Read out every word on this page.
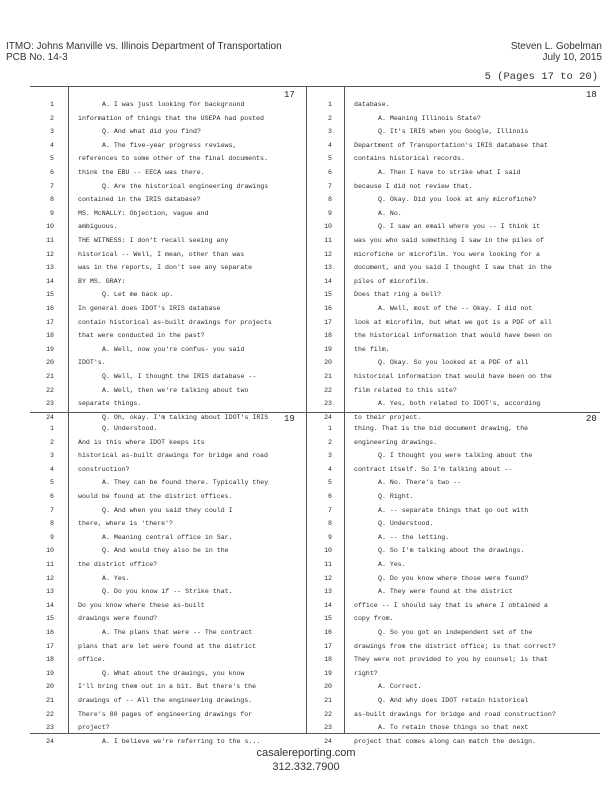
ITMO: Johns Manville vs. Illinois Department of Transportation
PCB No. 14-3
Steven L. Gobelman
July 10, 2015
5 (Pages 17 to 20)
17
1	A. I was just looking for background
2	information of things that the USEPA had posted
3	Q. And what did you find?
4	A. The five-year progress reviews,
5	references to some other of the final documents.
6	think the EBU -- EECA was there.
7	Q. Are the historical engineering drawings
8	contained in the IRIS database?
9	MS. McNALLY: Objection, vague and
10	ambiguous.
11	THE WITNESS: I don't recall seeing any
12	historical -- Well, I mean, other than was
13	was in the reports, I don't see any separate
14	BY MS. GRAY:
15	Q. Let me back up.
16	In general does IDOT's IRIS database
17	contain historical as-built drawings for projects
18	that were conducted in the past?
19	A. Well, now you're confus- you said
20	IDOT's.
21	Q. Well, I thought the IRIS database --
22	A. Well, then we're talking about two
23	separate things.
24	Q. Oh, okay. I'm talking about IDOT's IRIS
18
1	database.
2	A. Meaning Illinois State?
3	Q. It's IRIS when you Google, Illinois
4	Department of Transportation's IRIS database that
5	contains historical records.
6	A. Then I have to strike what I said
7	because I did not review that.
8	Q. Okay. Did you look at any microfiche?
9	A. No.
10	Q. I saw an email where you -- I think it
11	was you who said something I saw in the piles of
12	microfiche or microfilm. You were looking for a
13	document, and you said I thought I saw that in the
14	piles of microfilm.
15	Does that ring a bell?
16	A. Well, most of the -- Okay. I did not
17	look at microfilm, but what we got is a PDF of all
18	the historical information that would have been on
19	the film.
20	Q. Okay. So you looked at a PDF of all
21	historical information that would have been on the
22	film related to this site?
23	A. Yes, both related to IDOT's, according
24	to their project.
19
1	Q. Understood.
2	And is this where IDOT keeps its
3	historical as-built drawings for bridge and road
4	construction?
5	A. They can be found there. Typically they
6	would be found at the district offices.
7	Q. And when you said they could I
8	there, where is 'there'?
9	A. Meaning central office in Sar.
10	Q. And would they also be in the
11	the district office?
12	A. Yes.
13	Q. Do you know if -- Strike that.
14	Do you know where these as-built
15	drawings were found?
16	A. The plans that were -- The contract
17	plans that are let were found at the district
18	office.
19	Q. What about the drawings, you know
20	I'll bring them out in a bit. But there's the
21	drawings of -- All the engineering drawings.
22	There's 80 pages of engineering drawings for
23	project?
24	A. I believe we're referring to the s...
20
1	thing. That is the bid document drawing, the
2	engineering drawings.
3	Q. I thought you were talking about the
4	contract itself. So I'm talking about --
5	A. No. There's two --
6	Q. Right.
7	A. -- separate things that go out with
8	Q. Understood.
9	A. -- the letting.
10	Q. So I'm talking about the drawings.
11	A. Yes.
12	Q. Do you know where those were found?
13	A. They were found at the district
14	office -- I should say that is where I obtained a
15	copy from.
16	Q. So you got an independent set of the
17	drawings from the district office; is that correct?
18	They were not provided to you by counsel; is that
19	right?
20	A. Correct.
21	Q. And why does IDOT retain historical
22	as-built drawings for bridge and road construction?
23	A. To retain those things so that next
24	project that comes along can match the design.
casalereporting.com
312.332.7900
